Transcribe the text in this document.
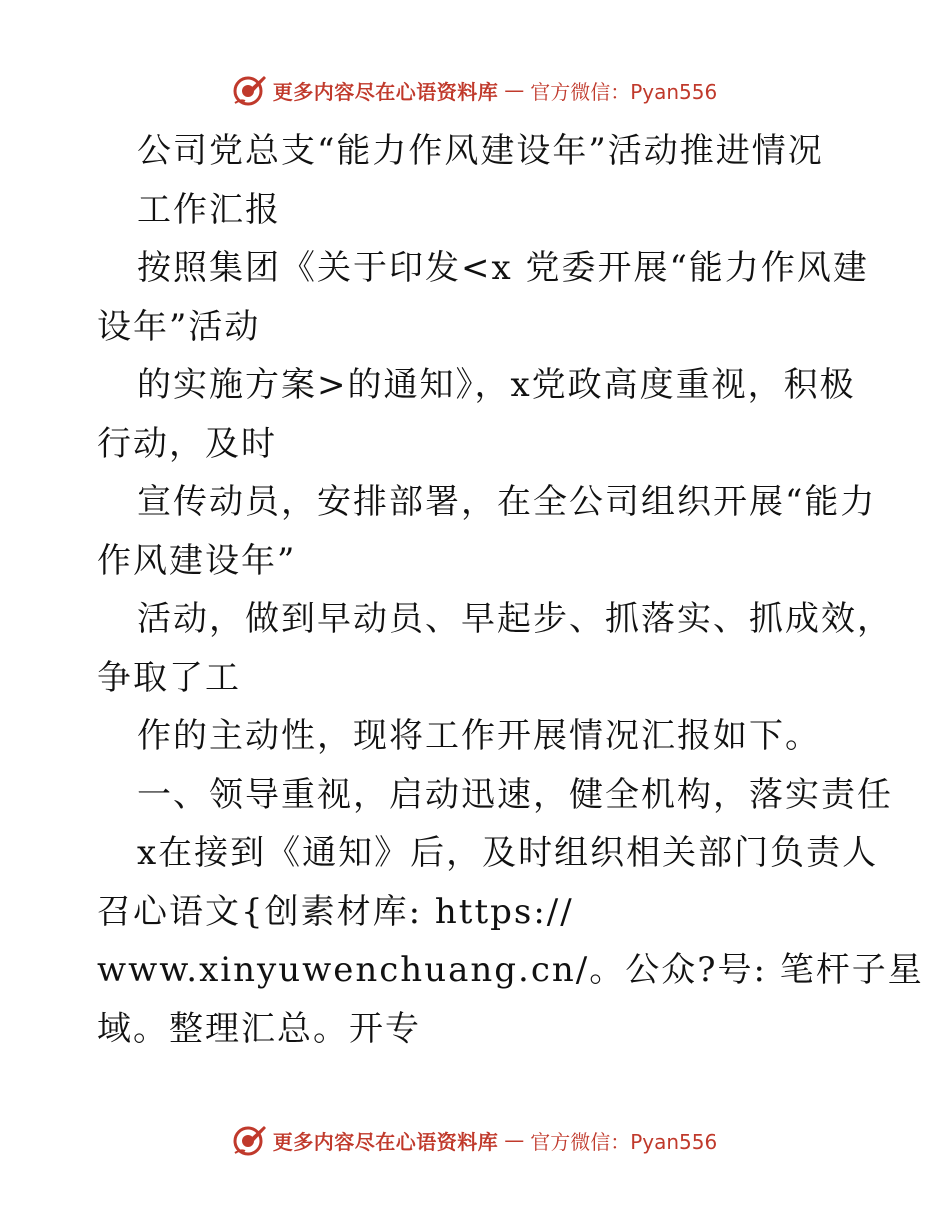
更多内容尽在心语资料库 — 官方微信：Pyan556
公司党总支“能力作风建设年”活动推进情况
工作汇报
按照集团《关于印发<x 党委开展“能力作风建
设年”活动
的实施方案>的通知》，x党政高度重视，积极
行动，及时
宣传动员，安排部署，在全公司组织开展“能力
作风建设年”
活动，做到早动员、早起步、抓落实、抓成效，
争取了工
作的主动性，现将工作开展情况汇报如下。
一、领导重视，启动迅速，健全机构，落实责任
x在接到《通知》后，及时组织相关部门负责人
召心语文{创素材库: https://
www.xinyuwenchuang.cn/。公众?号: 笔杆子星
域。整理汇总。开专
更多内容尽在心语资料库 — 官方微信：Pyan556
